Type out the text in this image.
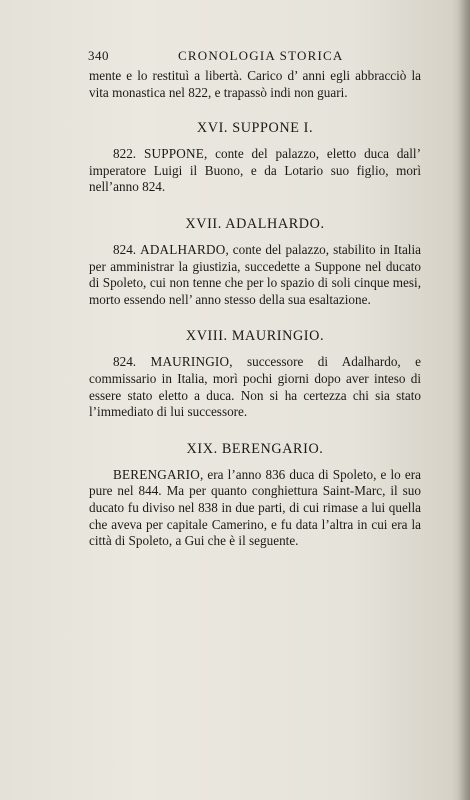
340	CRONOLOGIA STORICA

mente e lo restituì a libertà. Carico d’ anni egli abbracciò la vita monastica nel 822, e trapassò indi non guari.

XVI. SUPPONE I.

822. SUPPONE, conte del palazzo, eletto duca dall’ imperatore Luigi il Buono, e da Lotario suo figlio, morì nell’anno 824.

XVII. ADALHARDO.

824. ADALHARDO, conte del palazzo, stabilito in Italia per amministrar la giustizia, succedette a Suppone nel ducato di Spoleto, cui non tenne che per lo spazio di soli cinque mesi, morto essendo nell’ anno stesso della sua esaltazione.

XVIII. MAURINGIO.

824. MAURINGIO, successore di Adalhardo, e commissario in Italia, morì pochi giorni dopo aver inteso di essere stato eletto a duca. Non si ha certezza chi sia stato l’immediato di lui successore.

XIX. BERENGARIO.

BERENGARIO, era l’anno 836 duca di Spoleto, e lo era pure nel 844. Ma per quanto conghiettura Saint-Marc, il suo ducato fu diviso nel 838 in due parti, di cui rimase a lui quella che aveva per capitale Camerino, e fu data l’altra in cui era la città di Spoleto, a Gui che è il seguente.
